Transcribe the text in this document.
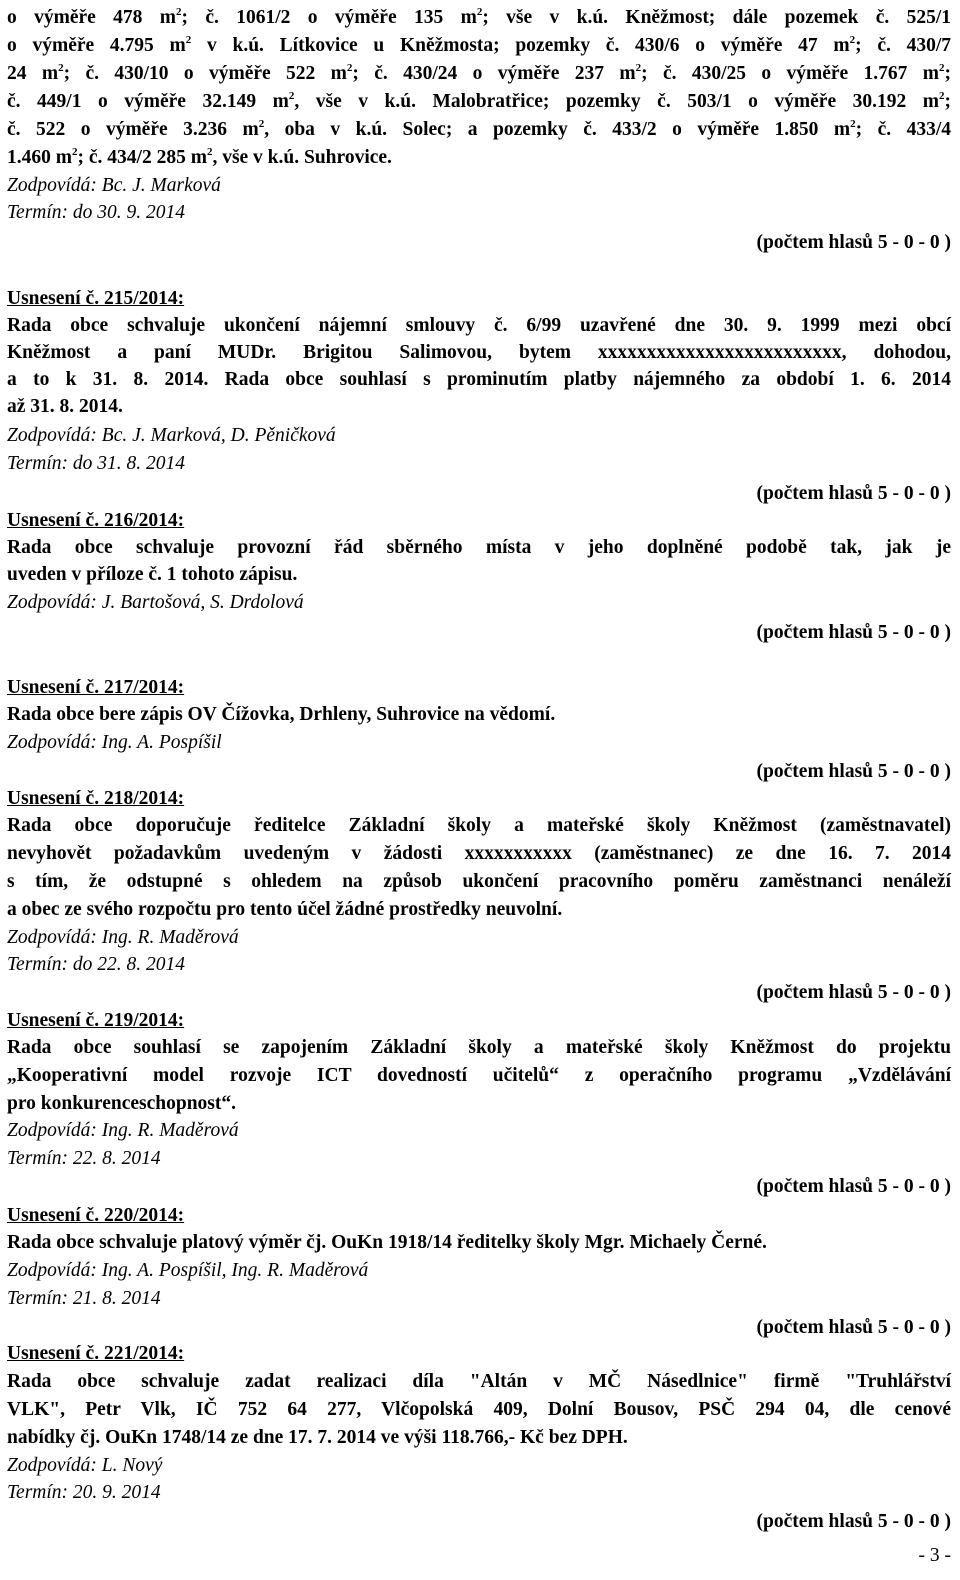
o výměře 478 $m^2$; č. 1061/2 o výměře 135 $m^2$; vše v k.ú. Kněžmost; dále pozemek č. 525/1
o výměře 4.795 $m^2$ v k.ú. Lítkovice u Kněžmosta; pozemky č. 430/6 o výměře 47 $m^2$; č. 430/7
24 $m^2$; č. 430/10 o výměře 522 $m^2$; č. 430/24 o výměře 237 $m^2$; č. 430/25 o výměře 1.767 $m^2$;
č. 449/1 o výměře 32.149 $m^2$, vše v k.ú. Malobratřice; pozemky č. 503/1 o výměře 30.192 $m^2$;
č. 522 o výměře 3.236 $m^2$, oba v k.ú. Solec; a pozemky č. 433/2 o výměře 1.850 $m^2$; č. 433/4
1.460 $m^2$; č. 434/2 285 $m^2$, vše v k.ú. Suhrovice.
Zodpovídá: Bc. J. Marková
Termín: do 30. 9. 2014
(počtem hlasů 5 - 0 - 0 )
Usnesení č. 215/2014:
Rada obce schvaluje ukončení nájemní smlouvy č. 6/99 uzavřené dne 30. 9. 1999 mezi obcí
Kněžmost a paní MUDr. Brigitou Salimovou, bytem xxxxxxxxxxxxxxxxxxxxxxxxx, dohodou,
a to k 31. 8. 2014. Rada obce souhlasí s prominutím platby nájemného za období 1. 6. 2014
až 31. 8. 2014.
Zodpovídá: Bc. J. Marková, D. Pěničková
Termín: do 31. 8. 2014
(počtem hlasů 5 - 0 - 0 )
Usnesení č. 216/2014:
Rada obce schvaluje provozní řád sběrného místa v jeho doplněné podobě tak, jak je
uveden v příloze č. 1 tohoto zápisu.
Zodpovídá: J. Bartošová, S. Drdolová
(počtem hlasů 5 - 0 - 0 )
Usnesení č. 217/2014:
Rada obce bere zápis OV Čížovka, Drhleny, Suhrovice na vědomí.
Zodpovídá: Ing. A. Pospíšil
(počtem hlasů 5 - 0 - 0 )
Usnesení č. 218/2014:
Rada obce doporučuje ředitelce Základní školy a mateřské školy Kněžmost (zaměstnavatel)
nevyhovět požadavkům uvedeným v žádosti xxxxxxxxxxx (zaměstnanec) ze dne 16. 7. 2014
s tím, že odstupné s ohledem na způsob ukončení pracovního poměru zaměstnanci nenáleží
a obec ze svého rozpočtu pro tento účel žádné prostředky neuvolní.
Zodpovídá: Ing. R. Maděrová
Termín: do 22. 8. 2014
(počtem hlasů 5 - 0 - 0 )
Usnesení č. 219/2014:
Rada obce souhlasí se zapojením Základní školy a mateřské školy Kněžmost do projektu
„Kooperativní model rozvoje ICT dovedností učitelů“ z operačního programu „Vzdělávání
pro konkurenceschopnost“.
Zodpovídá: Ing. R. Maděrová
Termín: 22. 8. 2014
(počtem hlasů 5 - 0 - 0 )
Usnesení č. 220/2014:
Rada obce schvaluje platový výměr čj. OuKn 1918/14 ředitelky školy Mgr. Michaely Černé.
Zodpovídá: Ing. A. Pospíšil, Ing. R. Maděrová
Termín: 21. 8. 2014
(počtem hlasů 5 - 0 - 0 )
Usnesení č. 221/2014:
Rada obce schvaluje zadat realizaci díla "Altán v MČ Násedlnice" firmě "Truhlářství
VLK", Petr Vlk, IČ 752 64 277, Vlčopolská 409, Dolní Bousov, PSČ 294 04, dle cenové
nabídky čj. OuKn 1748/14 ze dne 17. 7. 2014 ve výši 118.766,- Kč bez DPH.
Zodpovídá: L. Nový
Termín: 20. 9. 2014
(počtem hlasů 5 - 0 - 0 )
- 3 -
